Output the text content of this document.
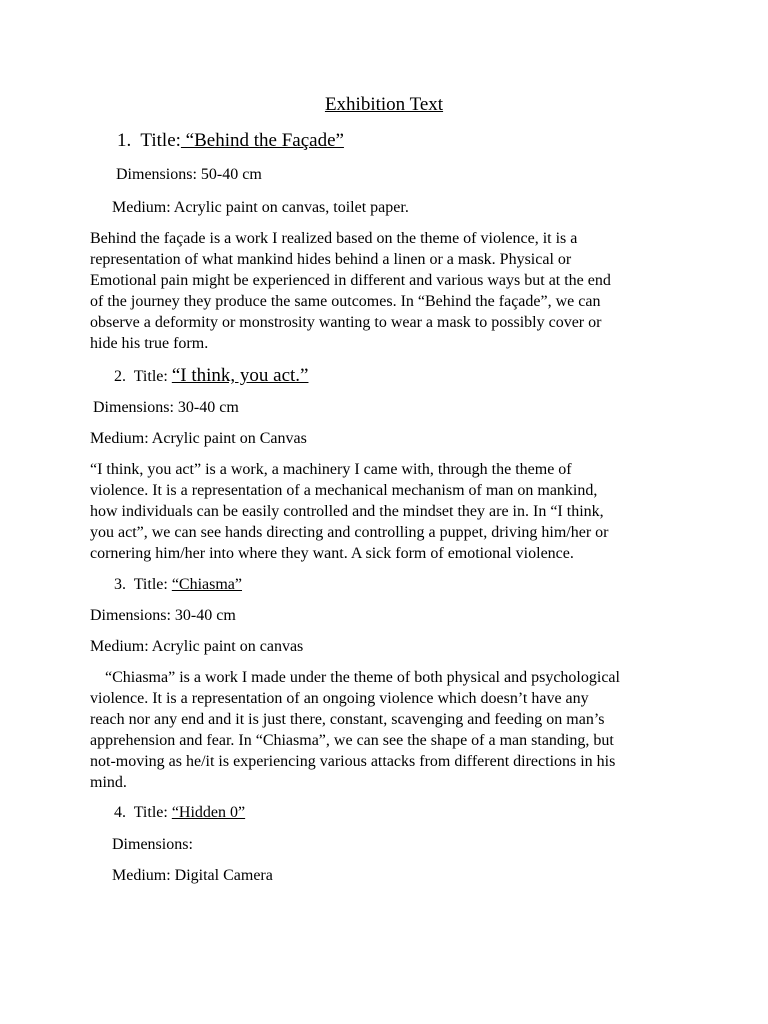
Exhibition Text
1. Title: “Behind the Façade”
Dimensions: 50-40 cm
Medium: Acrylic paint on canvas, toilet paper.
Behind the façade is a work I realized based on the theme of violence, it is a
representation of what mankind hides behind a linen or a mask. Physical or
Emotional pain might be experienced in different and various ways but at the end
of the journey they produce the same outcomes. In “Behind the façade”, we can
observe a deformity or monstrosity wanting to wear a mask to possibly cover or
hide his true form.
2. Title: “I think, you act.”
Dimensions: 30-40 cm
Medium: Acrylic paint on Canvas
“I think, you act” is a work, a machinery I came with, through the theme of
violence. It is a representation of a mechanical mechanism of man on mankind,
how individuals can be easily controlled and the mindset they are in. In “I think,
you act”, we can see hands directing and controlling a puppet, driving him/her or
cornering him/her into where they want. A sick form of emotional violence.
3. Title: “Chiasma”
Dimensions: 30-40 cm
Medium: Acrylic paint on canvas
“Chiasma” is a work I made under the theme of both physical and psychological
violence. It is a representation of an ongoing violence which doesn’t have any
reach nor any end and it is just there, constant, scavenging and feeding on man’s
apprehension and fear. In “Chiasma”, we can see the shape of a man standing, but
not-moving as he/it is experiencing various attacks from different directions in his
mind.
4. Title: “Hidden 0”
Dimensions:
Medium: Digital Camera
